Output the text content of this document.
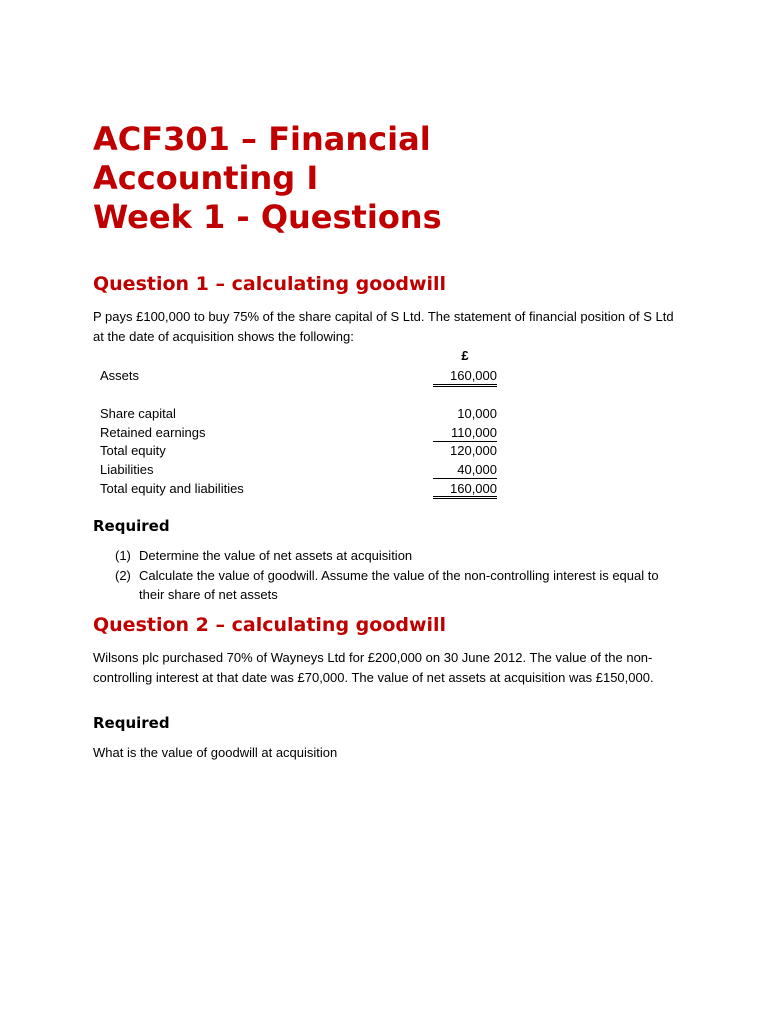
ACF301 – Financial
Accounting I
Week 1 - Questions
Question 1 – calculating goodwill

P pays £100,000 to buy 75% of the share capital of S Ltd. The statement of financial position of S Ltd at the date of acquisition shows the following:

£
Assets	160,000
Share capital	10,000
Retained earnings	110,000
Total equity	120,000
Liabilities	40,000
Total equity and liabilities	160,000
Required
(1) Determine the value of net assets at acquisition
(2) Calculate the value of goodwill. Assume the value of the non-controlling interest is equal to their share of net assets
Question 2 – calculating goodwill

Wilsons plc purchased 70% of Wayneys Ltd for £200,000 on 30 June 2012. The value of the non-controlling interest at that date was £70,000. The value of net assets at acquisition was £150,000.

Required

What is the value of goodwill at acquisition
